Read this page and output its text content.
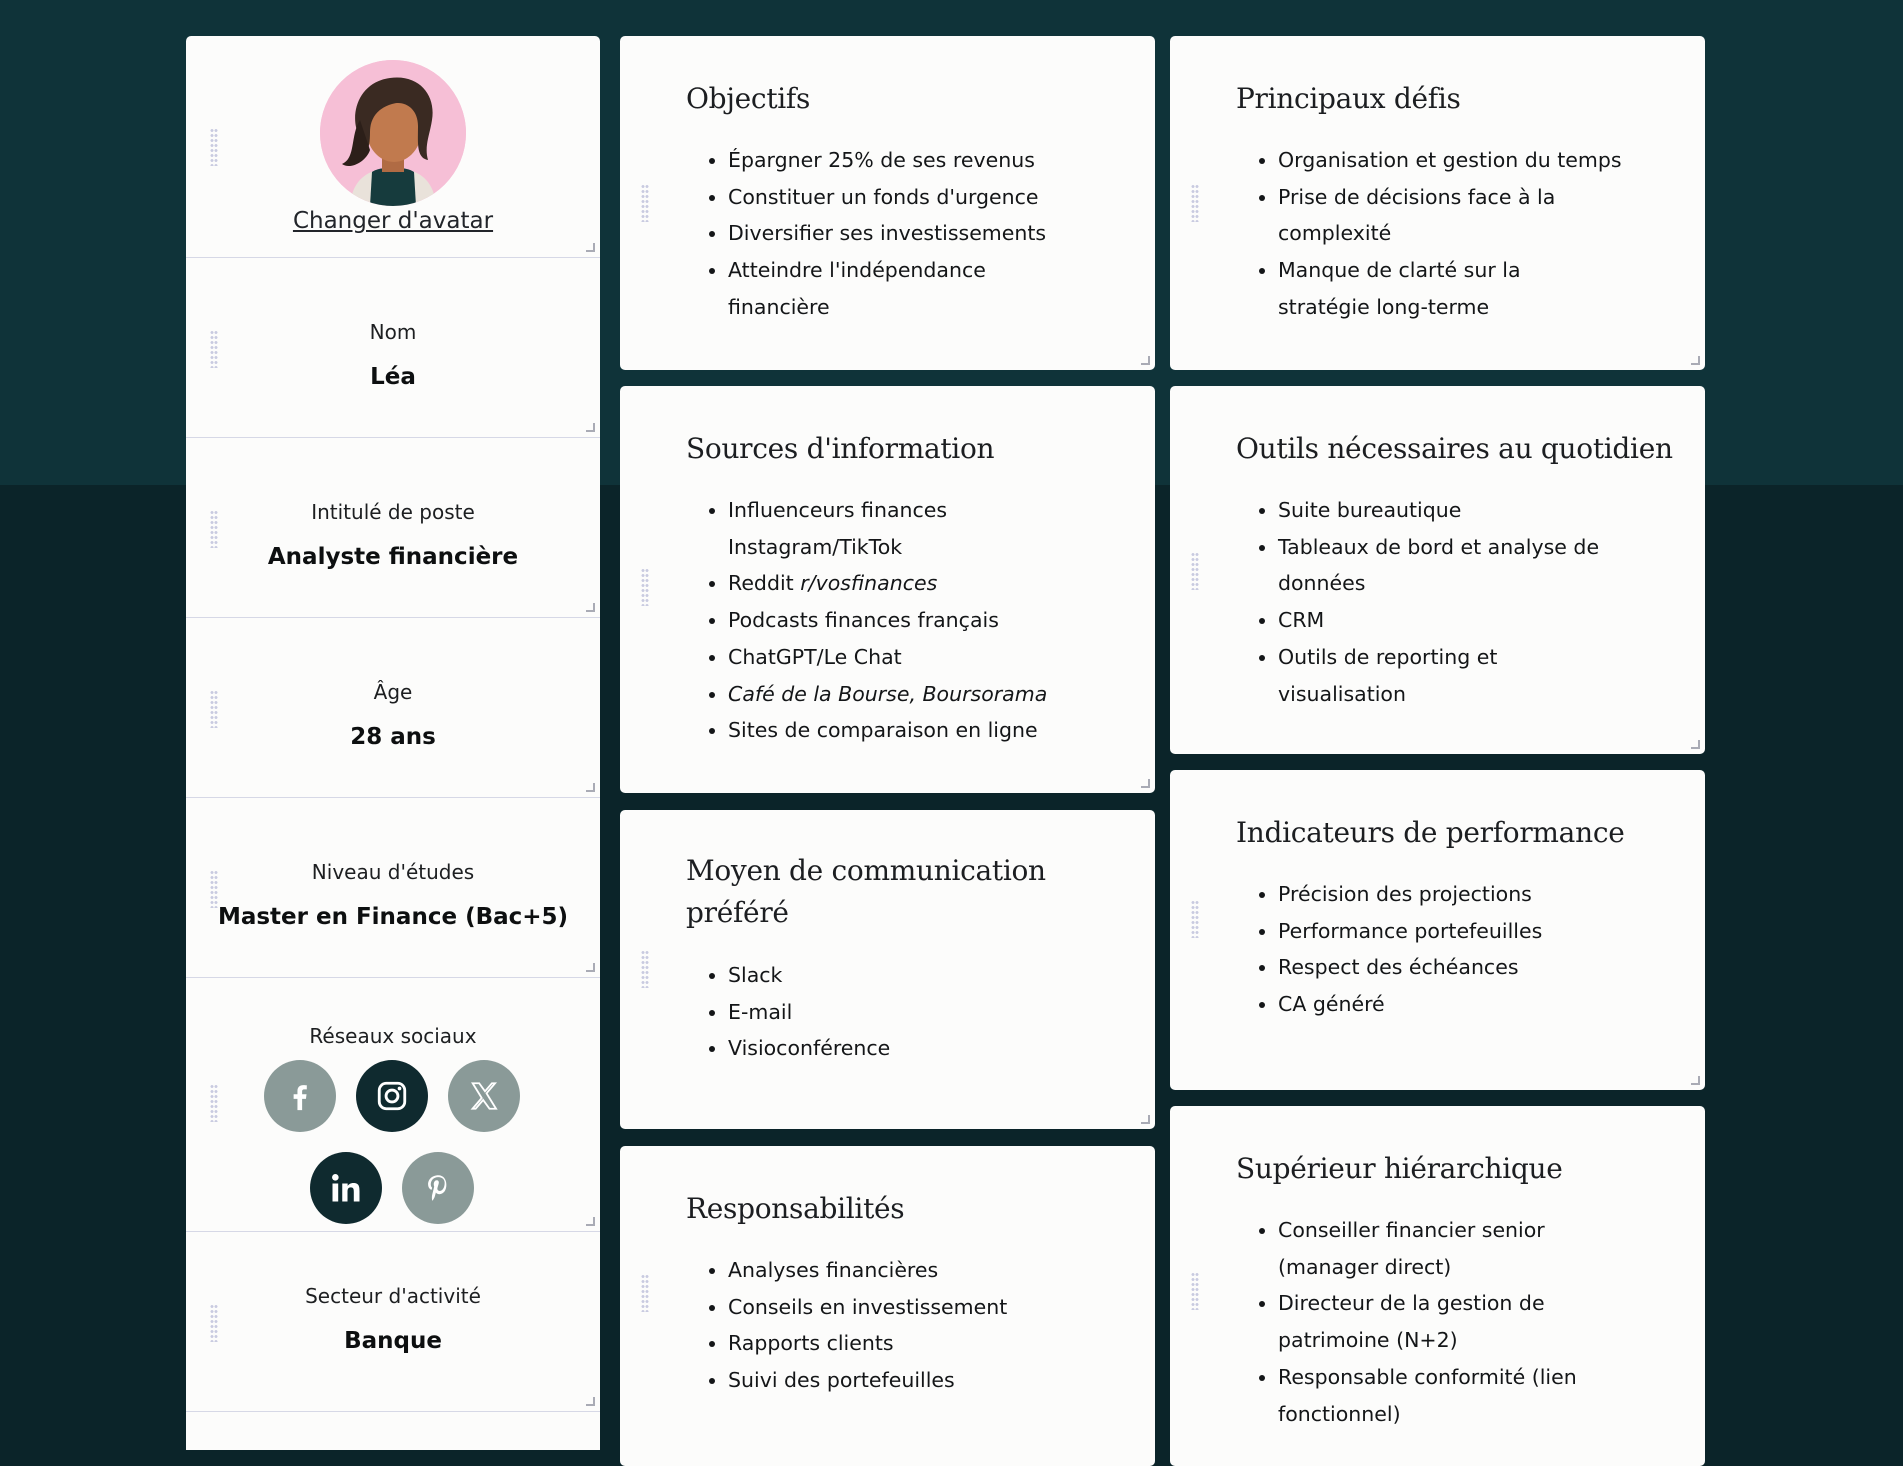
Changer d'avatar
Nom
Léa
Intitulé de poste
Analyste financière
Âge
28 ans
Niveau d'études
Master en Finance (Bac+5)
Réseaux sociaux
Secteur d'activité
Banque
Objectifs
• Épargner 25% de ses revenus
• Constituer un fonds d'urgence
• Diversifier ses investissements
• Atteindre l'indépendance financière
Sources d'information
• Influenceurs finances Instagram/TikTok
• Reddit r/vosfinances
• Podcasts finances français
• ChatGPT/Le Chat
• Café de la Bourse, Boursorama
• Sites de comparaison en ligne
Moyen de communication préféré
• Slack
• E-mail
• Visioconférence
Responsabilités
• Analyses financières
• Conseils en investissement
• Rapports clients
• Suivi des portefeuilles
Principaux défis
• Organisation et gestion du temps
• Prise de décisions face à la complexité
• Manque de clarté sur la stratégie long-terme
Outils nécessaires au quotidien
• Suite bureautique
• Tableaux de bord et analyse de données
• CRM
• Outils de reporting et visualisation
Indicateurs de performance
• Précision des projections
• Performance portefeuilles
• Respect des échéances
• CA généré
Supérieur hiérarchique
• Conseiller financier senior (manager direct)
• Directeur de la gestion de patrimoine (N+2)
• Responsable conformité (lien fonctionnel)
